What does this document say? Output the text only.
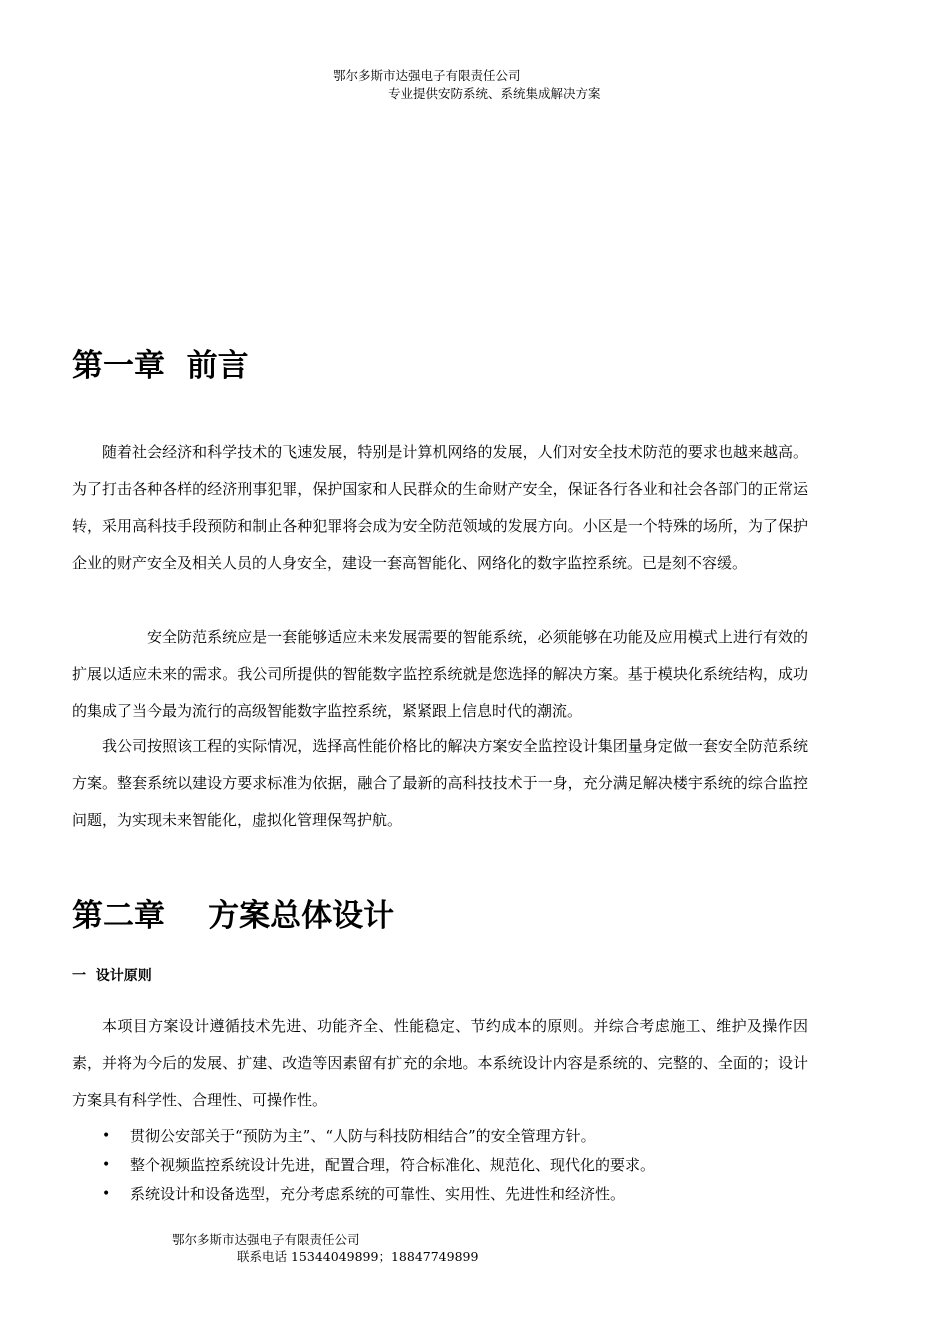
鄂尔多斯市达强电子有限责任公司
专业提供安防系统、系统集成解决方案
第一章  前言

随着社会经济和科学技术的飞速发展，特别是计算机网络的发展，人们对安全技术防范的要求也越来越高。为了打击各种各样的经济刑事犯罪，保护国家和人民群众的生命财产安全，保证各行各业和社会各部门的正常运转，采用高科技手段预防和制止各种犯罪将会成为安全防范领域的发展方向。小区是一个特殊的场所，为了保护企业的财产安全及相关人员的人身安全，建设一套高智能化、网络化的数字监控系统。已是刻不容缓。

安全防范系统应是一套能够适应未来发展需要的智能系统，必须能够在功能及应用模式上进行有效的扩展以适应未来的需求。我公司所提供的智能数字监控系统就是您选择的解决方案。基于模块化系统结构，成功的集成了当今最为流行的高级智能数字监控系统，紧紧跟上信息时代的潮流。

我公司按照该工程的实际情况，选择高性能价格比的解决方案安全监控设计集团量身定做一套安全防范系统方案。整套系统以建设方要求标准为依据，融合了最新的高科技技术于一身，充分满足解决楼宇系统的综合监控问题，为实现未来智能化，虚拟化管理保驾护航。

第二章    方案总体设计
一  设计原则

本项目方案设计遵循技术先进、功能齐全、性能稳定、节约成本的原则。并综合考虑施工、维护及操作因素，并将为今后的发展、扩建、改造等因素留有扩充的余地。本系统设计内容是系统的、完整的、全面的；设计方案具有科学性、合理性、可操作性。

• 贯彻公安部关于“预防为主”、“人防与科技防相结合”的安全管理方针。
• 整个视频监控系统设计先进，配置合理，符合标准化、规范化、现代化的要求。
• 系统设计和设备选型，充分考虑系统的可靠性、实用性、先进性和经济性。
鄂尔多斯市达强电子有限责任公司
联系电话 15344049899；18847749899
